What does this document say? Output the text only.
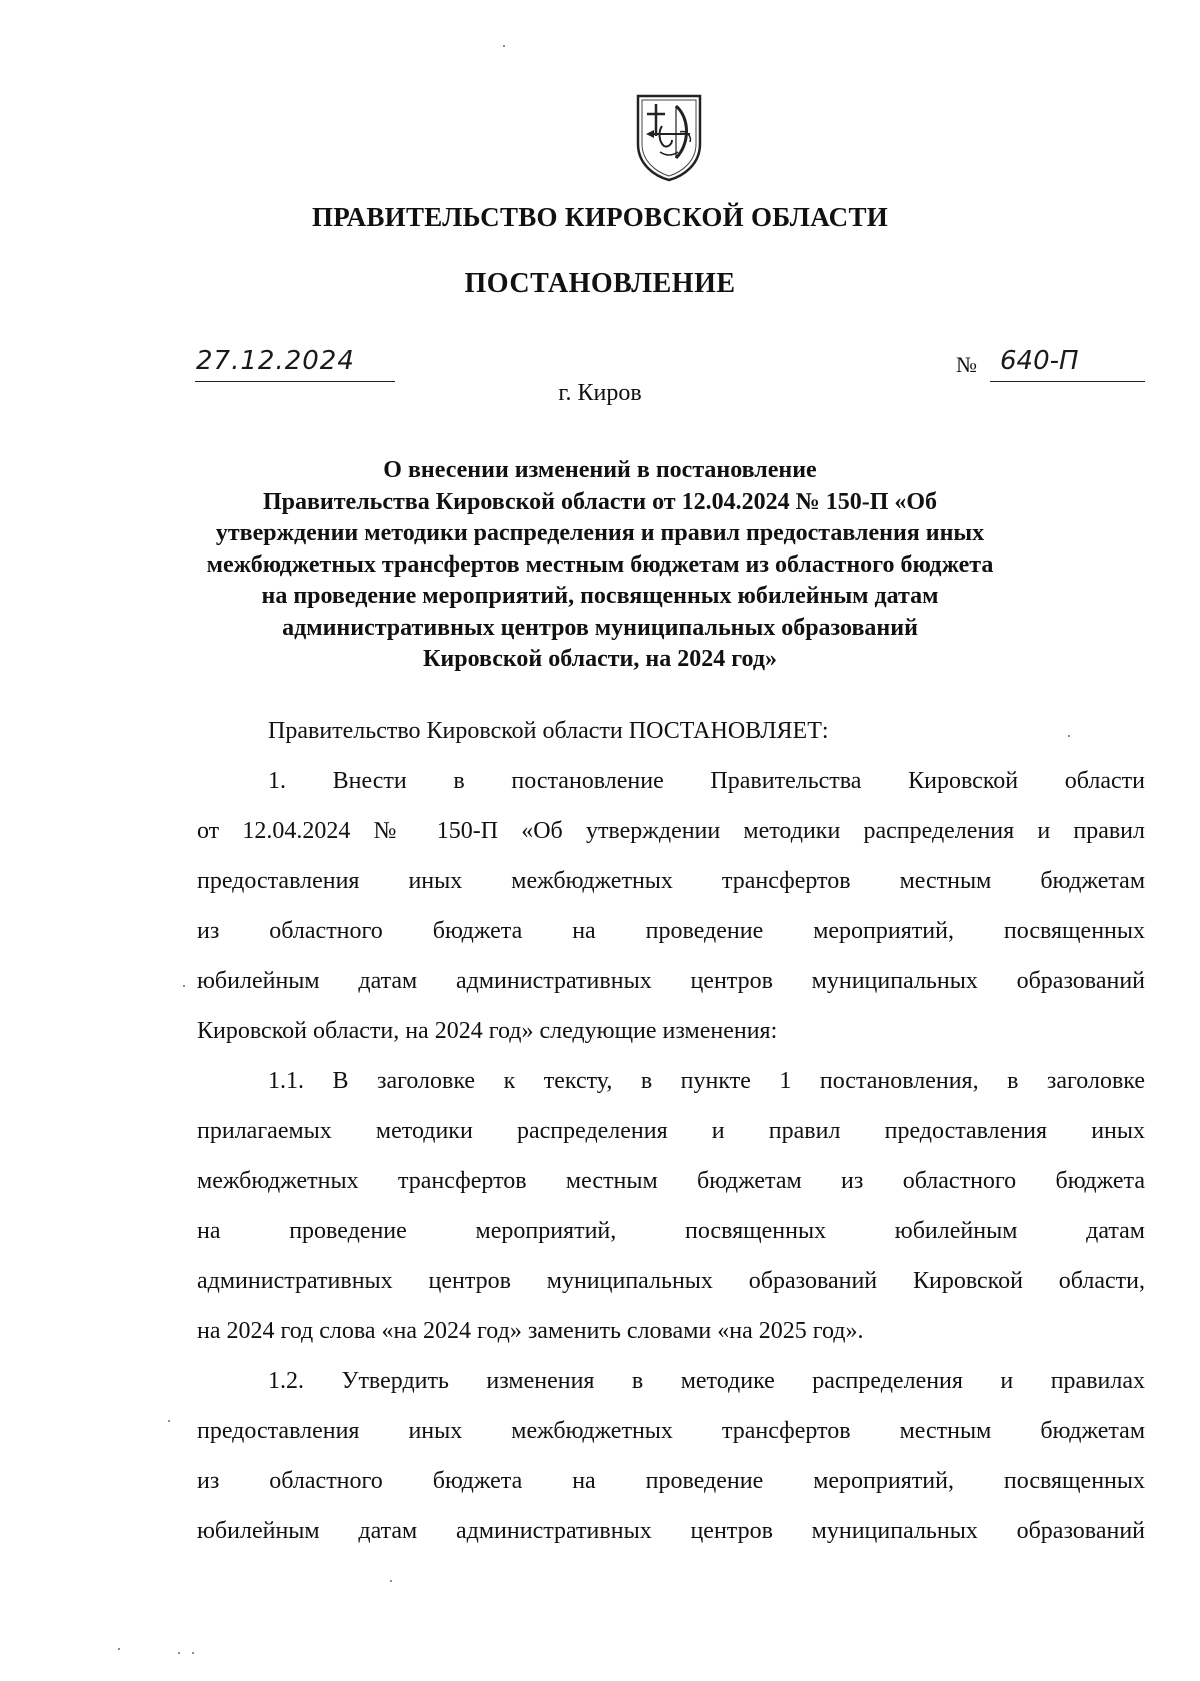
ПРАВИТЕЛЬСТВО КИРОВСКОЙ ОБЛАСТИ
ПОСТАНОВЛЕНИЕ
27.12.2024	№ 640-П
г. Киров
О внесении изменений в постановление
Правительства Кировской области от 12.04.2024 № 150-П «Об
утверждении методики распределения и правил предоставления иных
межбюджетных трансфертов местным бюджетам из областного бюджета
на проведение мероприятий, посвященных юбилейным датам
административных центров муниципальных образований
Кировской области, на 2024 год»
Правительство Кировской области ПОСТАНОВЛЯЕТ:
1. Внести в постановление Правительства Кировской области
от 12.04.2024 № 150-П «Об утверждении методики распределения и правил
предоставления иных межбюджетных трансфертов местным бюджетам
из областного бюджета на проведение мероприятий, посвященных
юбилейным датам административных центров муниципальных образований
Кировской области, на 2024 год» следующие изменения:
1.1. В заголовке к тексту, в пункте 1 постановления, в заголовке
прилагаемых методики распределения и правил предоставления иных
межбюджетных трансфертов местным бюджетам из областного бюджета
на проведение мероприятий, посвященных юбилейным датам
административных центров муниципальных образований Кировской области,
на 2024 год слова «на 2024 год» заменить словами «на 2025 год».
1.2. Утвердить изменения в методике распределения и правилах
предоставления иных межбюджетных трансфертов местным бюджетам
из областного бюджета на проведение мероприятий, посвященных
юбилейным датам административных центров муниципальных образований
